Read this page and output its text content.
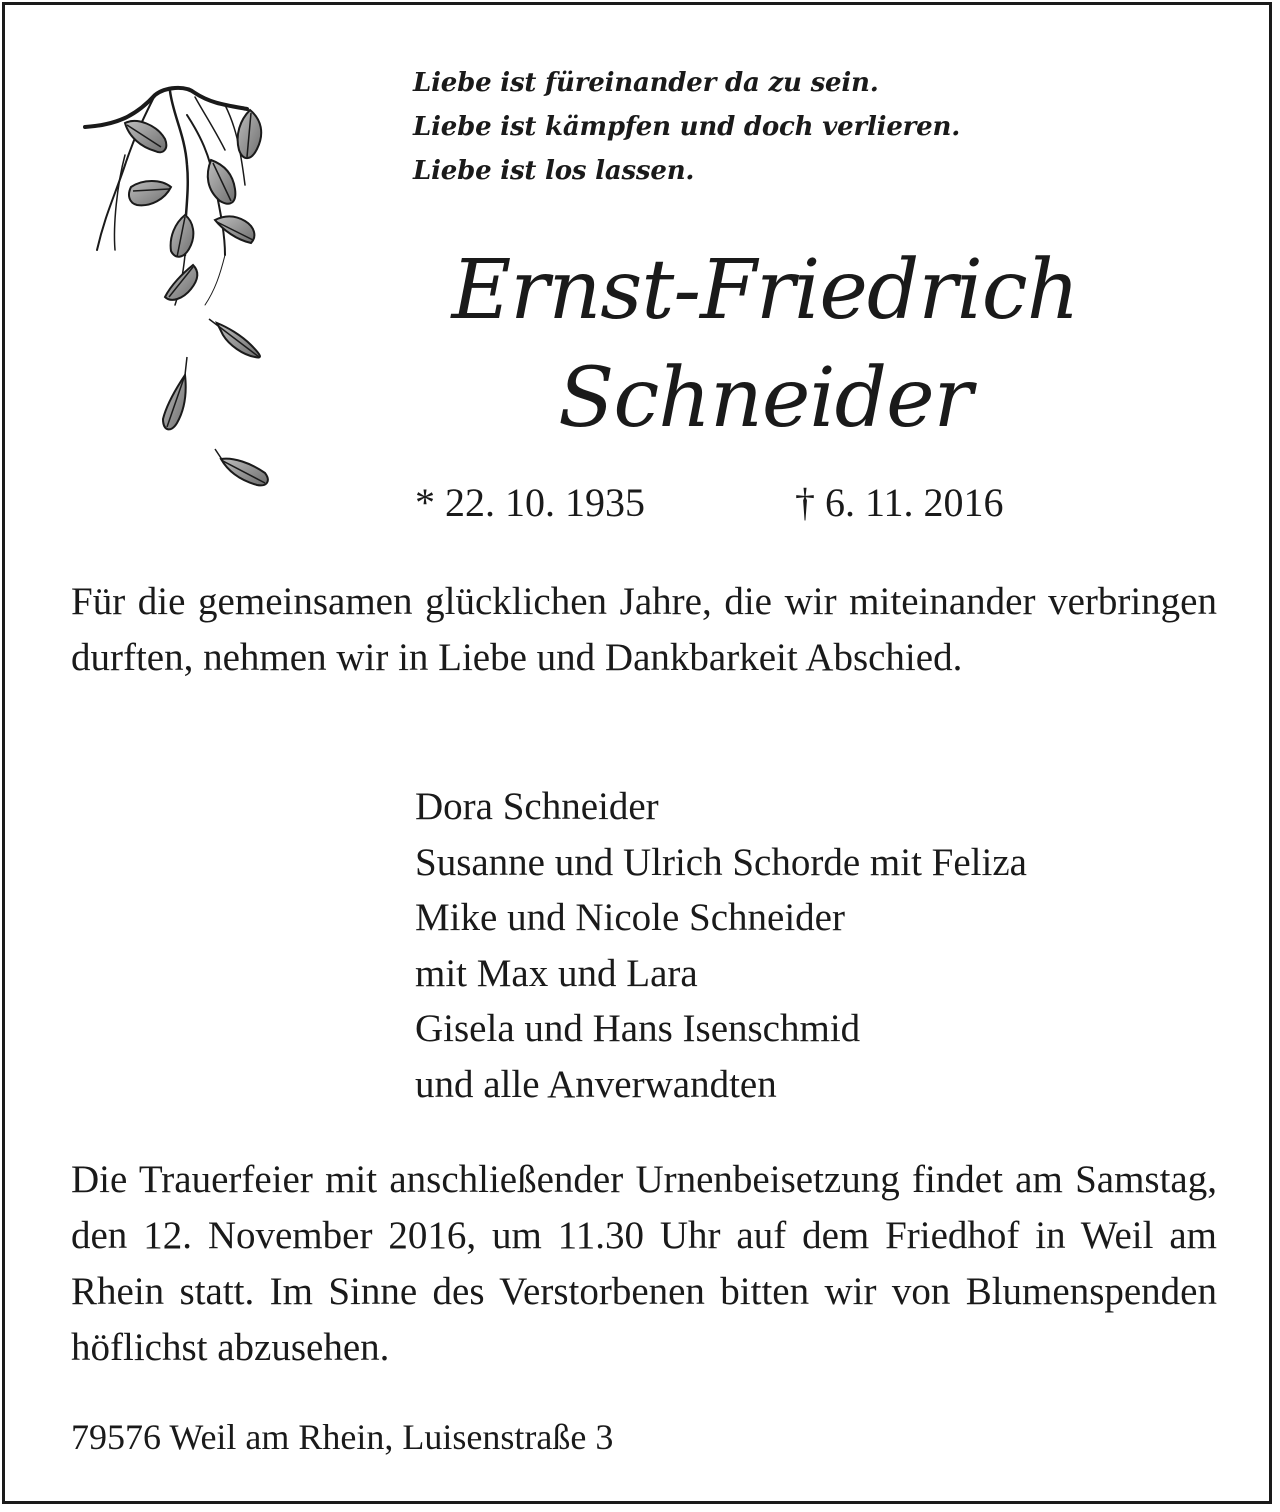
Liebe ist füreinander da zu sein.
Liebe ist kämpfen und doch verlieren.
Liebe ist los lassen.
Ernst-Friedrich
Schneider
* 22. 10. 1935	† 6. 11. 2016
Für die gemeinsamen glücklichen Jahre, die wir miteinander verbringen durften, nehmen wir in Liebe und Dankbarkeit Abschied.
Dora Schneider
Susanne und Ulrich Schorde mit Feliza
Mike und Nicole Schneider
mit Max und Lara
Gisela und Hans Isenschmid
und alle Anverwandten
Die Trauerfeier mit anschließender Urnenbeisetzung findet am Samstag, den 12. November 2016, um 11.30 Uhr auf dem Friedhof in Weil am Rhein statt. Im Sinne des Verstorbenen bitten wir von Blumenspenden höflichst abzusehen.
79576 Weil am Rhein, Luisenstraße 3
